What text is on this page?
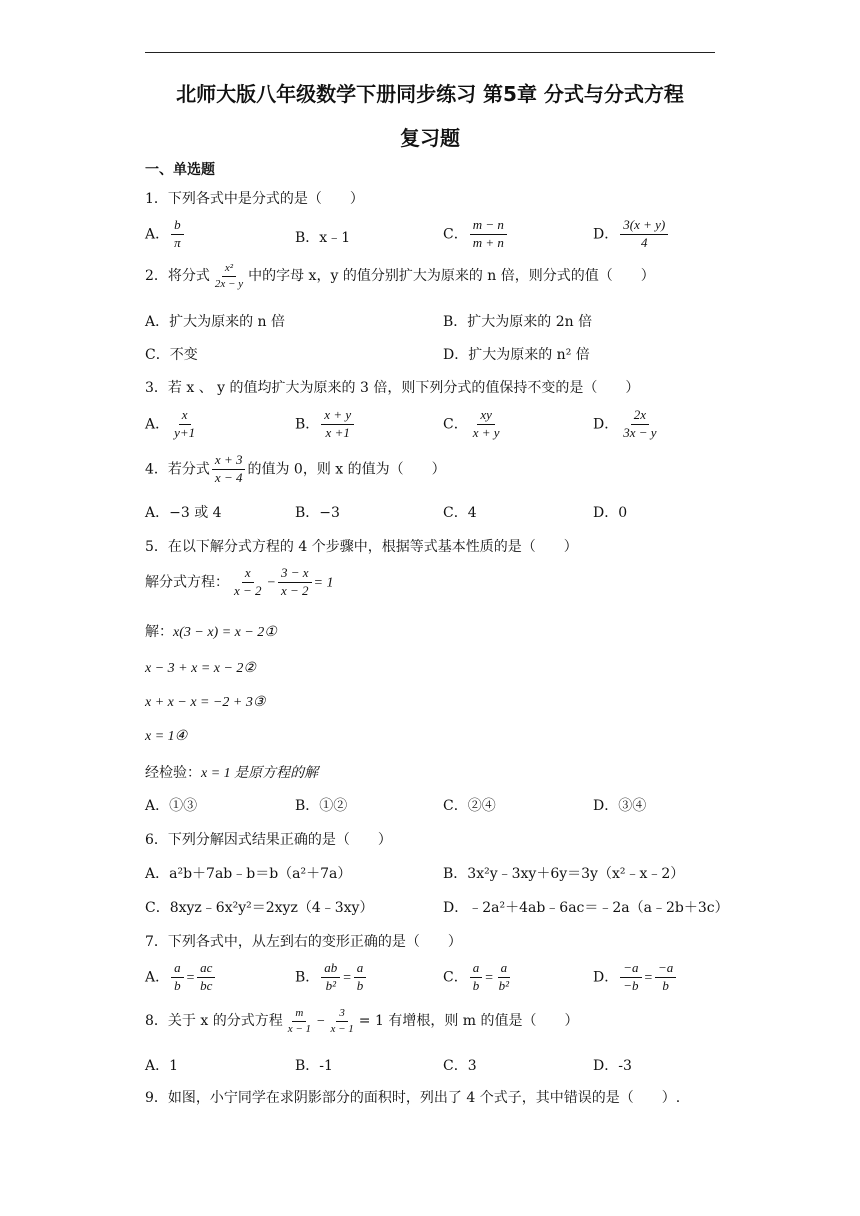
北师大版八年级数学下册同步练习 第5章 分式与分式方程
复习题
一、单选题
1．下列各式中是分式的是（　　）
A． $\frac{b}{\pi}$	B．x﹣1	C． $\frac{m - n}{m + n}$	D． $\frac{3(x + y)}{4}$
2．将分式 $\frac{\text{x²}}{2x - y}$ 中的字母 x，y 的值分别扩大为原来的 n 倍，则分式的值（　　）
A．扩大为原来的 n 倍	B．扩大为原来的 2n 倍
C．不变	D．扩大为原来的 n² 倍
3．若 x 、 y 的值均扩大为原来的 3 倍，则下列分式的值保持不变的是（　　）
A． $\frac{x}{y+1}$	B． $\frac{x + y}{x +1}$	C． $\frac{xy}{x + y}$	D． $\frac{2x}{3x - y}$
4．若分式 $\frac{x + 3}{x - 4}$ 的值为 0，则 x 的值为（　　）
A．−3 或 4	B．−3	C．4	D．0
5．在以下解分式方程的 4 个步骤中，根据等式基本性质的是（　　）
解分式方程： $\frac{x}{x - 2} - \frac{3 - x}{x - 2} = 1$
解：x(3 − x) = x − 2①
x − 3 + x = x − 2②
x + x − x = −2 + 3③
x = 1④
经检验：x = 1 是原方程的解
A．①③	B．①②	C．②④	D．③④
6．下列分解因式结果正确的是（　　）
A．a²b＋7ab﹣b＝b（a²＋7a）	B．3x²y﹣3xy＋6y＝3y（x²﹣x﹣2）
C．8xyz﹣6x²y²＝2xyz（4﹣3xy）	D．﹣2a²＋4ab﹣6ac＝﹣2a（a﹣2b＋3c）
7．下列各式中，从左到右的变形正确的是（　　）
A． $\frac{a}{b} = \frac{ac}{bc}$	B． $\frac{ab}{\text{b²}} = \frac{a}{b}$	C． $\frac{a}{b} = \frac{a}{\text{b²}}$	D． $\frac{-a}{-b} = \frac{-a}{b}$
8．关于 x 的分式方程 $\frac{m}{x - 1} - \frac{3}{x - 1} = 1$ 有增根，则 m 的值是（　　）
A．1	B．-1	C．3	D．-3
9．如图，小宁同学在求阴影部分的面积时，列出了 4 个式子，其中错误的是（　　）.
